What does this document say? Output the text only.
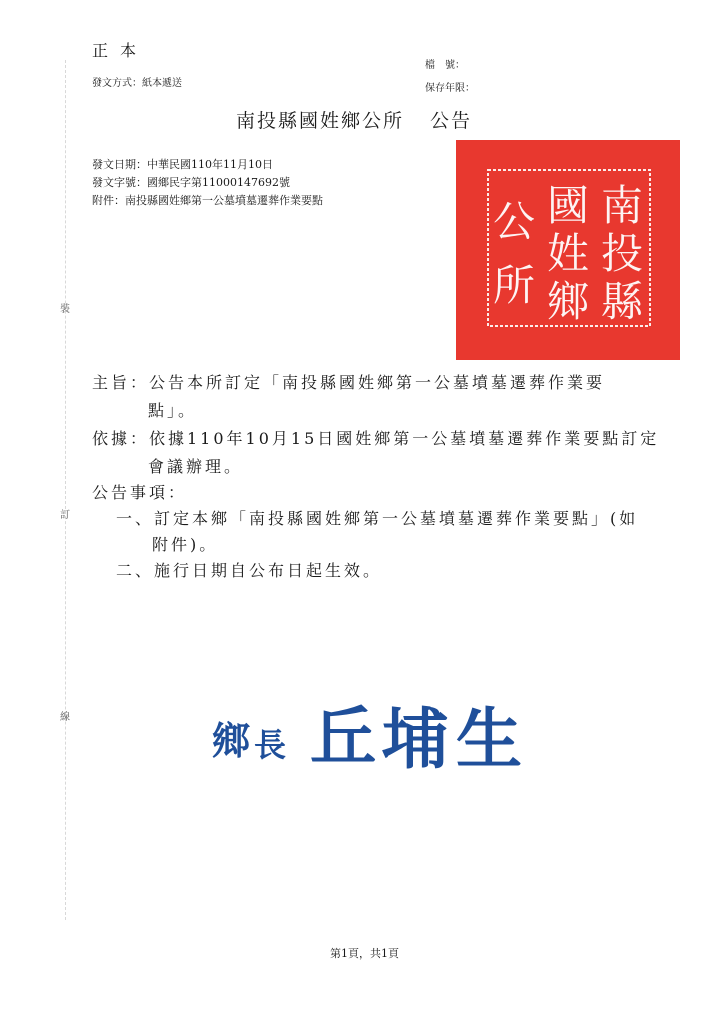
裝
訂
線
正本
發文方式：紙本遞送
檔　號：
保存年限：
南投縣國姓鄉公所 公告
發文日期：中華民國110年11月10日
發文字號：國鄉民字第11000147692號
附件：南投縣國姓鄉第一公墓墳墓遷葬作業要點	南
投
縣
國
姓
鄉
公
所
主旨：公告本所訂定「南投縣國姓鄉第一公墓墳墓遷葬作業要
點」。
依據：依據110年10月15日國姓鄉第一公墓墳墓遷葬作業要點訂定
會議辦理。
公告事項：
一、訂定本鄉「南投縣國姓鄉第一公墓墳墓遷葬作業要點」(如
附件)。
二、施行日期自公布日起生效。
鄉 長 丘 埔 生
第1頁，共1頁
